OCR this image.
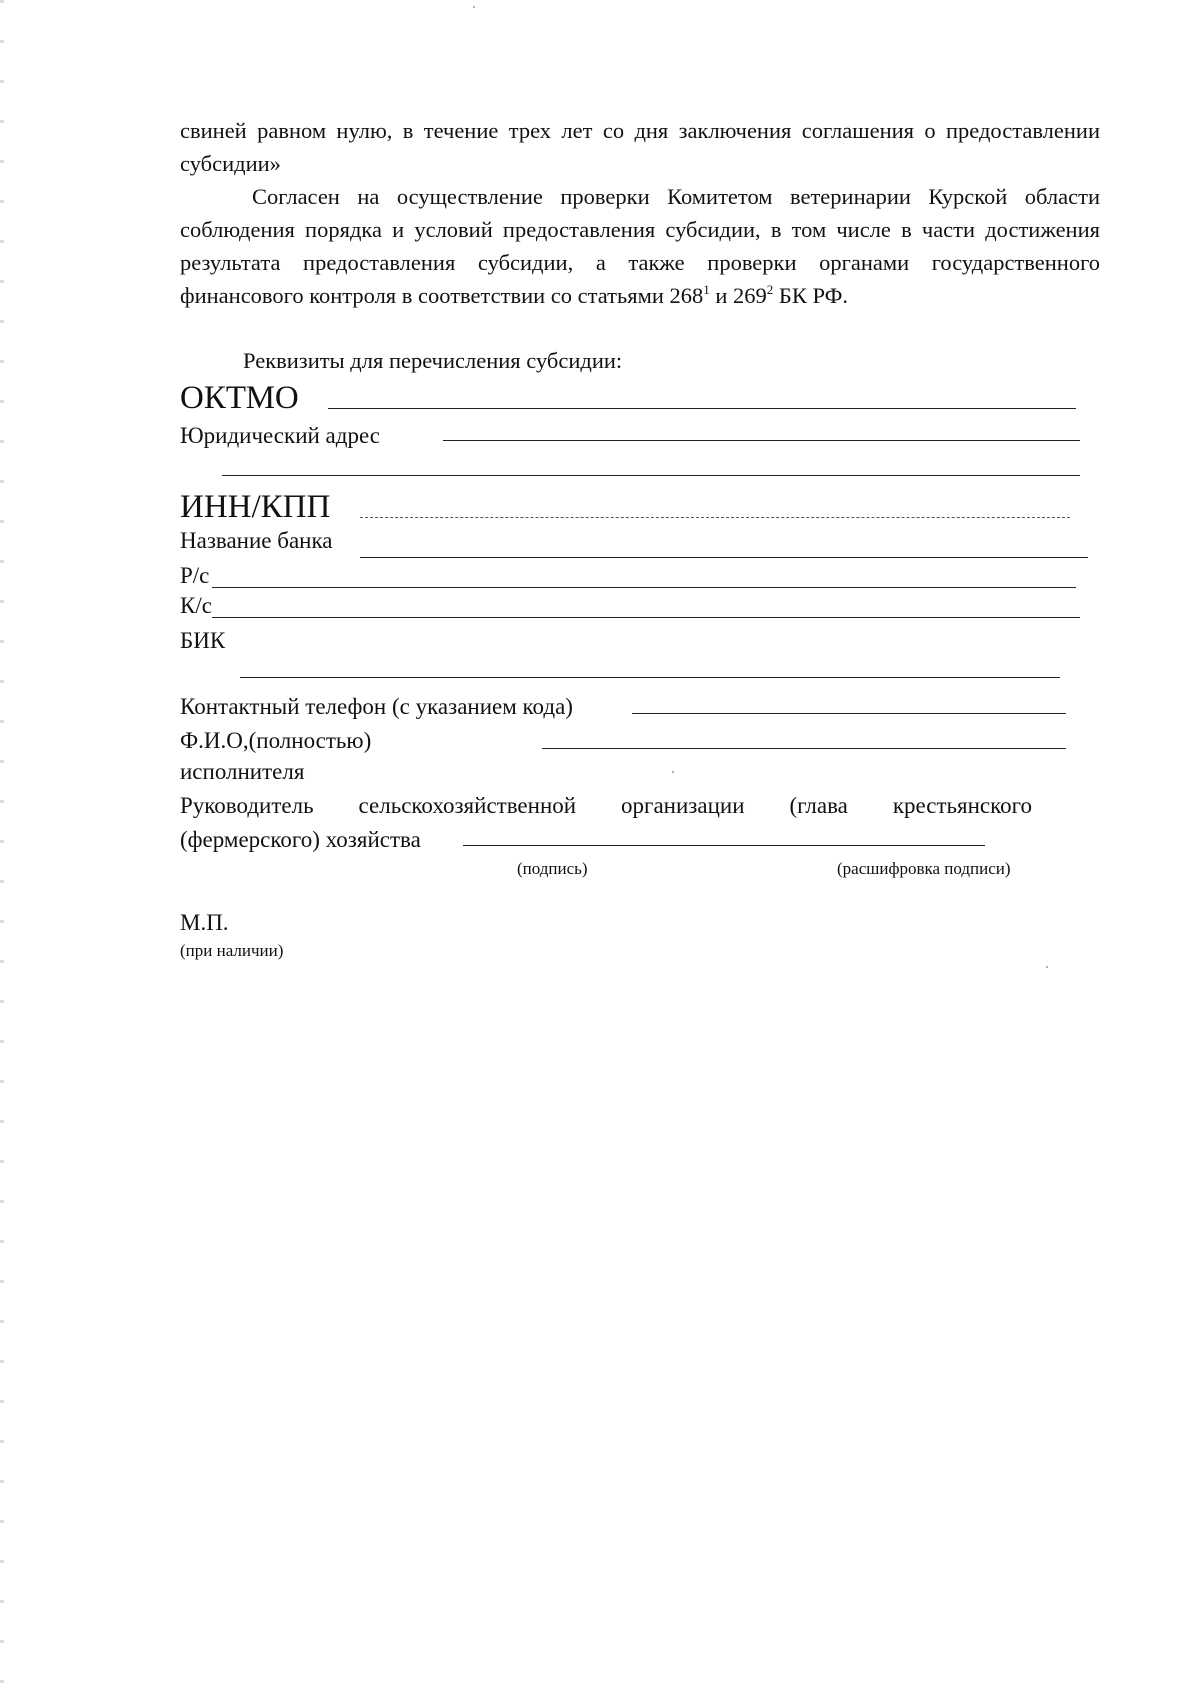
свиней равном нулю, в течение трех лет со дня заключения соглашения о предоставлении субсидии»

Согласен на осуществление проверки Комитетом ветеринарии Курской области соблюдения порядка и условий предоставления субсидии, в том числе в части достижения результата предоставления субсидии, а также проверки органами государственного финансового контроля в соответствии со статьями $268^1$ и $269^2$ БК РФ.

Реквизиты для перечисления субсидии:

ОКТМО
Юридический адрес
ИНН/КПП
Название банка
Р/с
К/с
БИК
Контактный телефон (с указанием кода)
Ф.И.О,(полностью)
исполнителя
Руководитель сельскохозяйственной организации (глава крестьянского
(фермерского) хозяйства
(подпись)	(расшифровка подписи)
М.П.
(при наличии)
